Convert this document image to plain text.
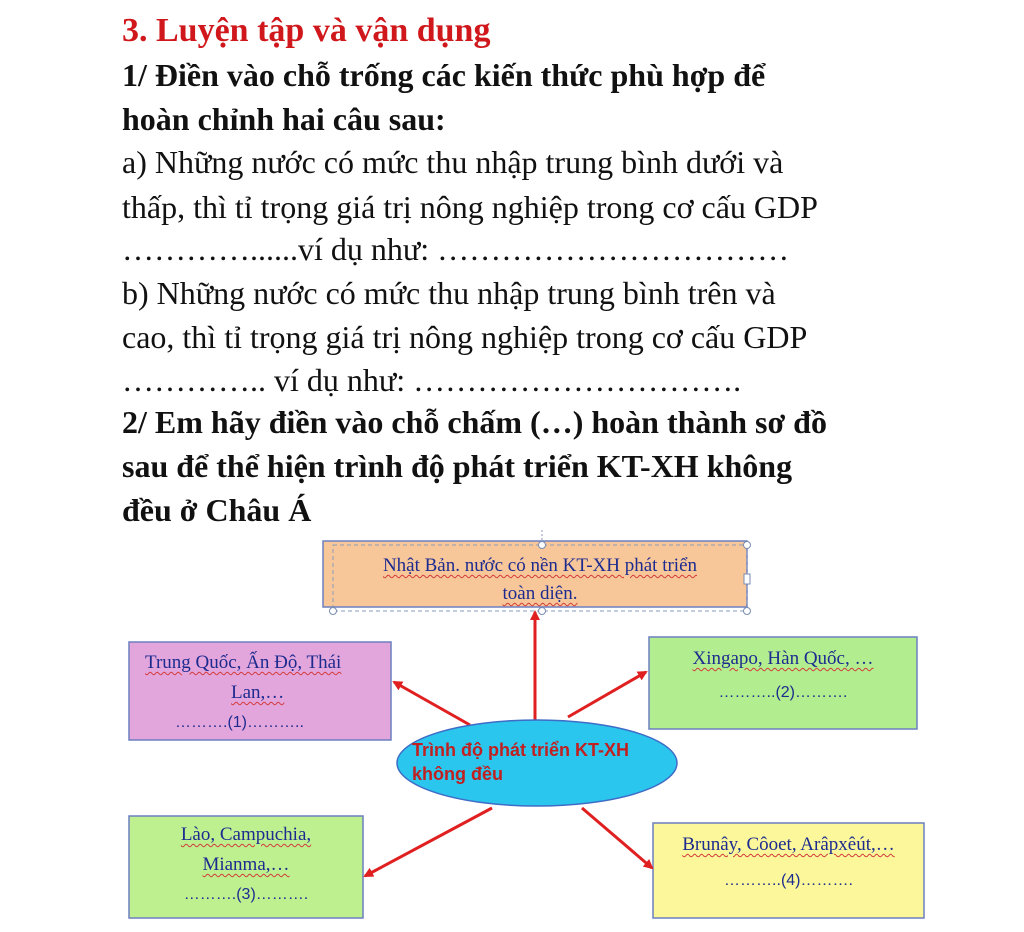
3. Luyện tập và vận dụng
1/ Điền vào chỗ trống các kiến thức phù hợp để
hoàn chỉnh hai câu sau:
a) Những nước có mức thu nhập trung bình dưới và
thấp, thì tỉ trọng giá trị nông nghiệp trong cơ cấu GDP
…………......ví dụ như: ……………………………
b) Những nước có mức thu nhập trung bình trên và
cao, thì tỉ trọng giá trị nông nghiệp trong cơ cấu GDP
………….. ví dụ như: ………………………….
2/ Em hãy điền vào chỗ chấm (…) hoàn thành sơ đồ
sau để thể hiện trình độ phát triển KT-XH không
đều ở Châu Á
Trình độ phát triển KT-XH
không đều
Nhật Bản. nước có nền KT-XH phát triển
toàn diện.
Trung Quốc, Ấn Độ, Thái
Lan,…
……….(1)………..
Xingapo, Hàn Quốc, …
………..(2)……….
Lào, Campuchia,
Mianma,…
……….(3)……….
Brunây, Côoet, Arâpxêút,…
………..(4)……….
